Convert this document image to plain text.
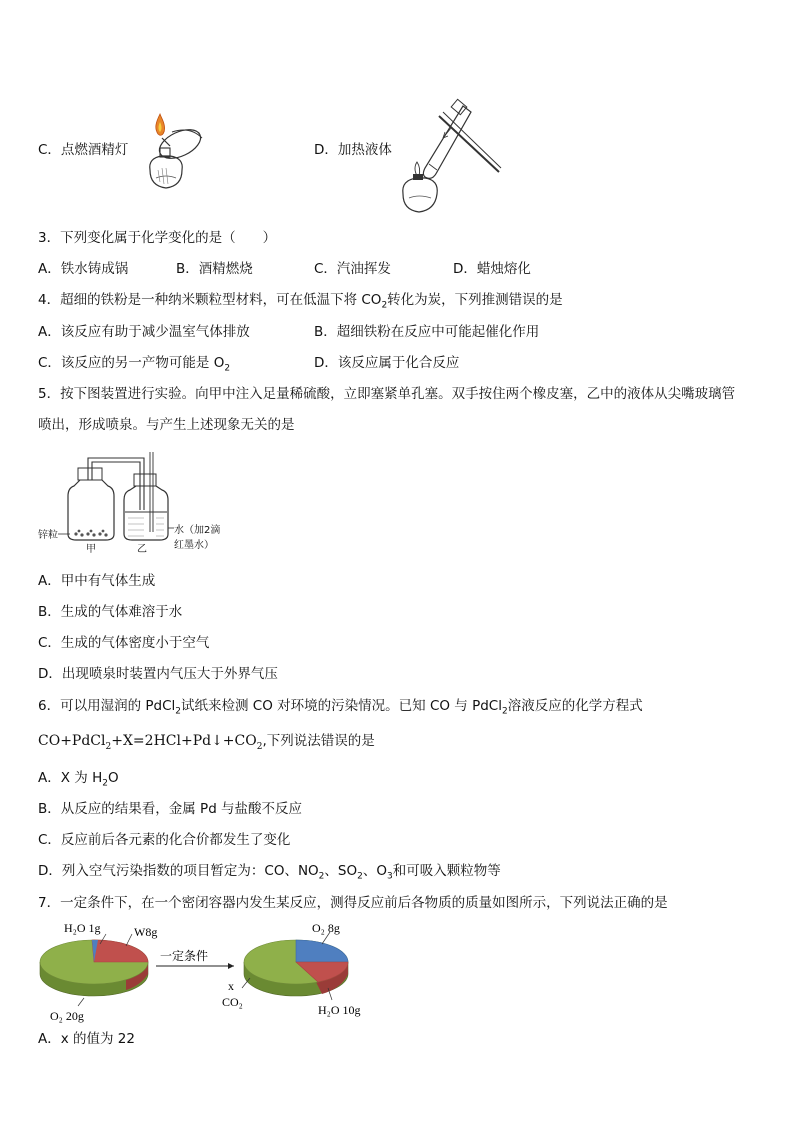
C．点燃酒精灯	D．加热液体
3．下列变化属于化学变化的是（　　）
A．铁水铸成锅	B．酒精燃烧	C．汽油挥发	D．蜡烛熔化
4．超细的铁粉是一种纳米颗粒型材料，可在低温下将 $CO_2$转化为炭，下列推测错误的是
A．该反应有助于减少温室气体排放	B．超细铁粉在反应中可能起催化作用
C．该反应的另一产物可能是 $O_2$	D．该反应属于化合反应
5．按下图装置进行实验。向甲中注入足量稀硫酸，立即塞紧单孔塞。双手按住两个橡皮塞，乙中的液体从尖嘴玻璃管
喷出，形成喷泉。与产生上述现象无关的是
锌粒
甲	乙
水（加2滴
红墨水）
A．甲中有气体生成
B．生成的气体难溶于水
C．生成的气体密度小于空气
D．出现喷泉时装置内气压大于外界气压
6．可以用湿润的 PdCl$_2$试纸来检测 CO 对环境的污染情况。已知 CO 与 PdCl$_2$溶液反应的化学方程式
$CO+PdCl_2+X=2HCl+Pd↓+CO_2$,下列说法错误的是
A．X 为 $H_2O$
B．从反应的结果看，金属 Pd 与盐酸不反应
C．反应前后各元素的化合价都发生了变化
D．列入空气污染指数的项目暂定为：CO、$NO_2$、$SO_2$、$O_3$和可吸入颗粒物等
7．一定条件下，在一个密闭容器内发生某反应，测得反应前后各物质的质量如图所示，下列说法正确的是
H₂O 1g	W8g
O₂ 20g
一定条件
O₂ 8g
x
CO₂
H₂O 10g
A．x 的值为 22
